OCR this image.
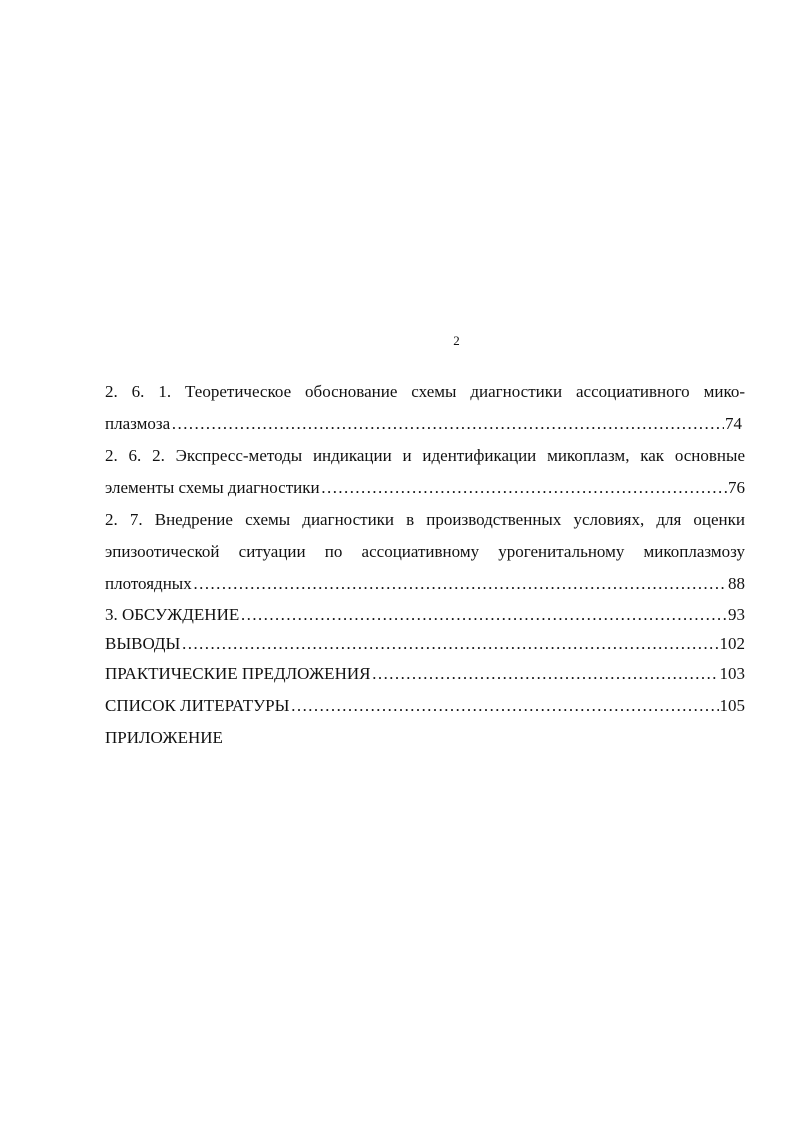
2
2. 6. 1. Теоретическое обоснование схемы диагностики ассоциативного мико-
плазмоза …………………………………………………………………………………………………………………………………………………………………………	74
2. 6. 2. Экспресс-методы индикации и идентификации микоплазм, как основные
элементы схемы диагностики …………………………………………………………………………………………………………………………………………………………………………	76
2. 7. Внедрение схемы диагностики в производственных условиях, для оценки
эпизоотической ситуации по ассоциативному урогенитальному микоплазмозу
плотоядных …………………………………………………………………………………………………………………………………………………………………………	88
3. ОБСУЖДЕНИЕ …………………………………………………………………………………………………………………………………………………………………………	93
ВЫВОДЫ …………………………………………………………………………………………………………………………………………………………………………	102
ПРАКТИЧЕСКИЕ ПРЕДЛОЖЕНИЯ …………………………………………………………………………………………………………………………………………………………………………	103
СПИСОК ЛИТЕРАТУРЫ …………………………………………………………………………………………………………………………………………………………………………	105
ПРИЛОЖЕНИЕ
